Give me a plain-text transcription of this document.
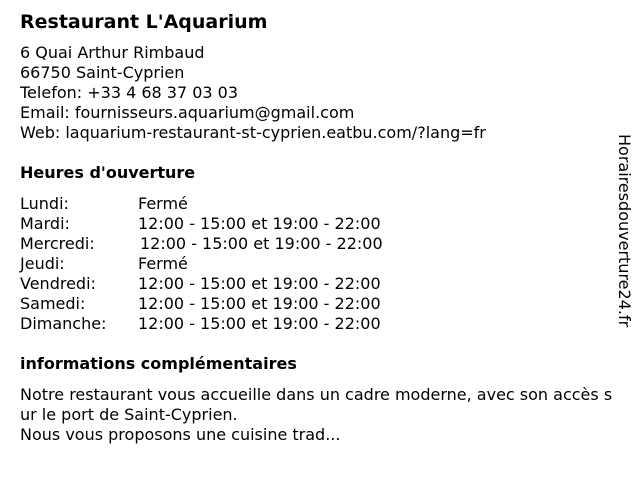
Restaurant L'Aquarium
6 Quai Arthur Rimbaud
66750 Saint-Cyprien
Telefon: +33 4 68 37 03 03
Email: fournisseurs.aquarium@gmail.com
Web: laquarium-restaurant-st-cyprien.eatbu.com/?lang=fr
Heures d'ouverture
Lundi:	Fermé
Mardi:	12:00 - 15:00 et 19:00 - 22:00
Mercredi:	12:00 - 15:00 et 19:00 - 22:00
Jeudi:	Fermé
Vendredi:	12:00 - 15:00 et 19:00 - 22:00
Samedi:	12:00 - 15:00 et 19:00 - 22:00
Dimanche:	12:00 - 15:00 et 19:00 - 22:00
informations complémentaires
Notre restaurant vous accueille dans un cadre moderne, avec son accès sur le port de Saint-Cyprien.
Nous vous proposons une cuisine trad...
Horairesdouverture24.fr
